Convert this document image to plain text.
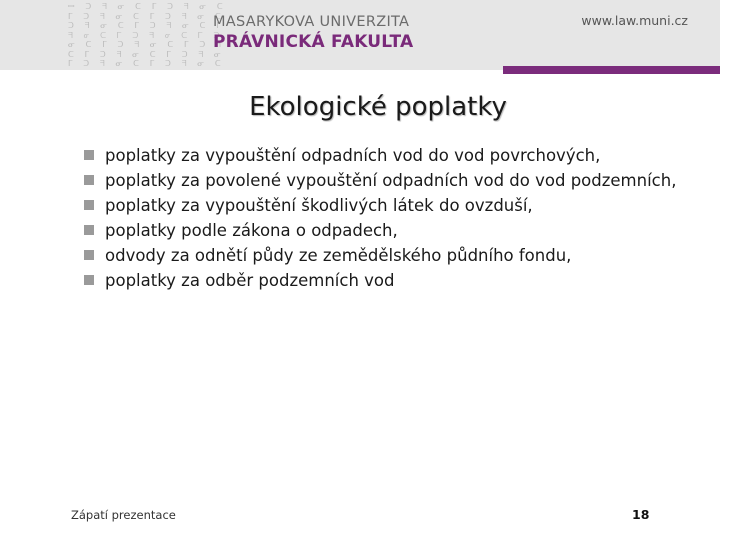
ꟷ ᑐ ᖷ ᓂ ᑕ ᒥ ᑐ ᖷ ᓂ ᑕ
ᒥ ᑐ ᖷ ᓂ ᑕ ᒥ ᑐ ᖷ ᓂ ᑕ
ᑐ ᖷ ᓂ ᑕ ᒥ ᑐ ᖷ ᓂ ᑕ ᒥ
ᖷ ᓂ ᑕ ᒥ ᑐ ᖷ ᓂ ᑕ ᒥ ᑐ
ᓂ ᑕ ᒥ ᑐ ᖷ ᓂ ᑕ ᒥ ᑐ ᖷ
ᑕ ᒥ ᑐ ᖷ ᓂ ᑕ ᒥ ᑐ ᖷ ᓂ
ᒥ ᑐ ᖷ ᓂ ᑕ ᒥ ᑐ ᖷ ᓂ ᑕ
MASARYKOVA UNIVERZITA
PRÁVNICKÁ FAKULTA
www.law.muni.cz
Ekologické poplatky
poplatky za vypouštění odpadních vod do vod povrchových,
poplatky za povolené vypouštění odpadních vod do vod podzemních,
poplatky za vypouštění škodlivých látek do ovzduší,
poplatky podle zákona o odpadech,
odvody za odnětí půdy ze zemědělského půdního fondu,
poplatky za odběr podzemních vod
Zápatí prezentace	18
